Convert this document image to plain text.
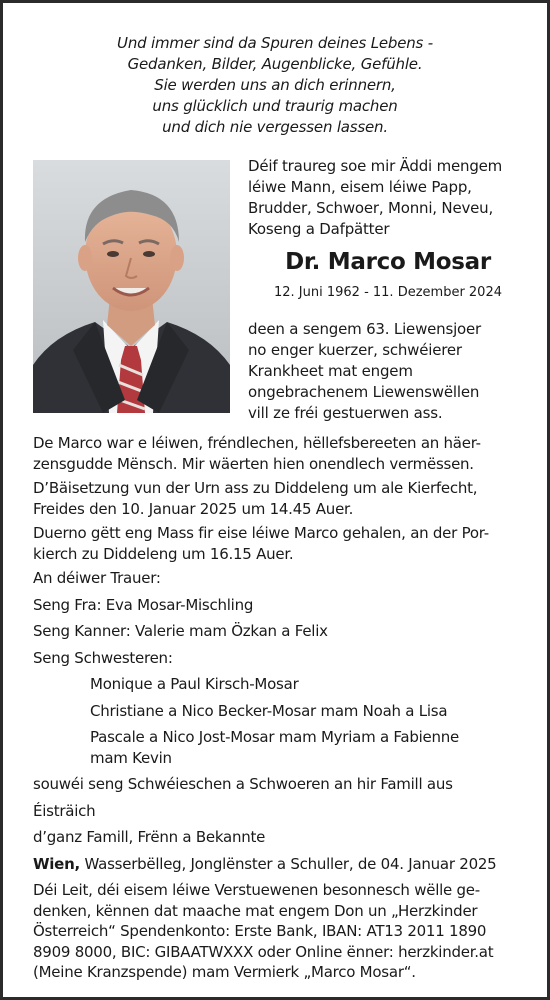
Und immer sind da Spuren deines Lebens -
Gedanken, Bilder, Augenblicke, Gefühle.
Sie werden uns an dich erinnern,
uns glücklich und traurig machen
und dich nie vergessen lassen.
Déif traureg soe mir Äddi mengem
léiwe Mann, eisem léiwe Papp,
Brudder, Schwoer, Monni, Neveu,
Koseng a Dafpätter
Dr. Marco Mosar
12. Juni 1962 - 11. Dezember 2024
deen a sengem 63. Liewensjoer
no enger kuerzer, schwéierer
Krankheet mat engem
ongebrachenem Liewenswëllen
vill ze fréi gestuerwen ass.
De Marco war e léiwen, fréndlechen, hëllefsbereeten an häer-
zensgudde Mënsch. Mir wäerten hien onendlech vermëssen.
D’Bäisetzung vun der Urn ass zu Diddeleng um ale Kierfecht,
Freides den 10. Januar 2025 um 14.45 Auer.
Duerno gëtt eng Mass fir eise léiwe Marco gehalen, an der Por-
kierch zu Diddeleng um 16.15 Auer.
An déiwer Trauer:
Seng Fra: Eva Mosar-Mischling
Seng Kanner: Valerie mam Özkan a Felix
Seng Schwesteren:
Monique a Paul Kirsch-Mosar
Christiane a Nico Becker-Mosar mam Noah a Lisa
Pascale a Nico Jost-Mosar mam Myriam a Fabienne
mam Kevin
souwéi seng Schwéieschen a Schwoeren an hir Famill aus
Éisträich
d’ganz Famill, Frënn a Bekannte
Wien, Wasserbëlleg, Jonglënster a Schuller, de 04. Januar 2025
Déi Leit, déi eisem léiwe Verstuewenen besonnesch wëlle ge-
denken, kënnen dat maache mat engem Don un „Herzkinder
Österreich“ Spendenkonto: Erste Bank, IBAN: AT13 2011 1890
8909 8000, BIC: GIBAATWXXX oder Online ënner: herzkinder.at
(Meine Kranzspende) mam Vermierk „Marco Mosar“.
